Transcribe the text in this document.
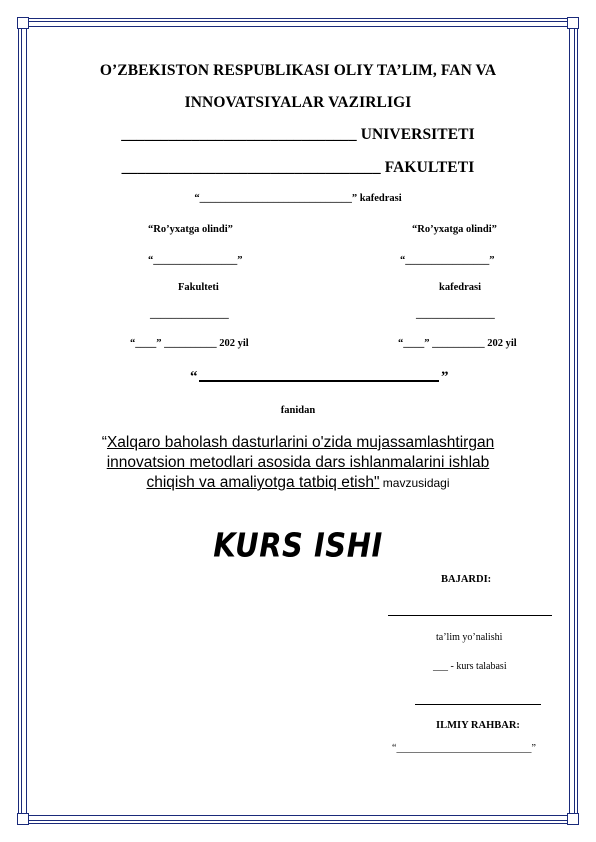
O’ZBEKISTON RESPUBLIKASI OLIY TA’LIM, FAN VA
INNOVATSIYALAR VAZIRLIGI
______________________________ UNIVERSITETI
_________________________________ FAKULTETI
“_____________________________” kafedrasi
“Ro’yxatga olindi”
“________________”
Fakulteti
_______________
“____” __________ 202 yil
“Ro’yxatga olindi”
“________________”
kafedrasi
_______________
“____” __________ 202 yil
“	”
fanidan
“Xalqaro baholash dasturlarini o'zida mujassamlashtirgan innovatsion metodlari asosida dars ishlanmalarini ishlab chiqish va amaliyotga tatbiq etish" mavzusidagi
KURS ISHI
BAJARDI:
ta’lim yo’nalishi
___ - kurs talabasi
ILMIY RAHBAR:
“___________________________”
